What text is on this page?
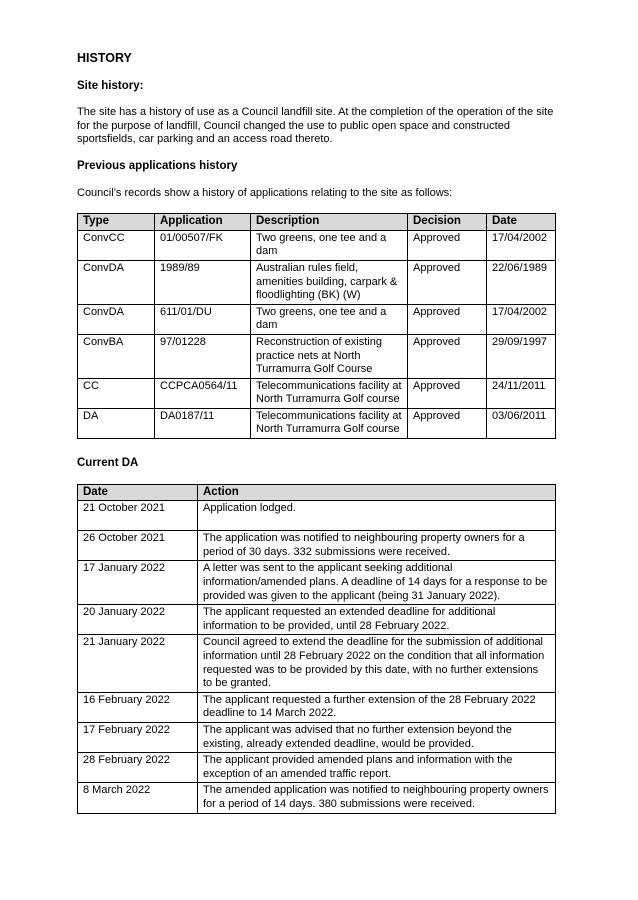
HISTORY
Site history:
The site has a history of use as a Council landfill site. At the completion of the operation of the site for the purpose of landfill, Council changed the use to public open space and constructed sportsfields, car parking and an access road thereto.
Previous applications history
Council’s records show a history of applications relating to the site as follows:
Type	Application	Description	Decision	Date
ConvCC	01/00507/FK	Two greens, one tee and a dam	Approved	17/04/2002
ConvDA	1989/89	Australian rules field, amenities building, carpark & floodlighting (BK) (W)	Approved	22/06/1989
ConvDA	611/01/DU	Two greens, one tee and a dam	Approved	17/04/2002
ConvBA	97/01228	Reconstruction of existing practice nets at North Turramurra Golf Course	Approved	29/09/1997
CC	CCPCA0564/11	Telecommunications facility at North Turramurra Golf course	Approved	24/11/2011
DA	DA0187/11	Telecommunications facility at North Turramurra Golf course	Approved	03/06/2011
Current DA
Date	Action
21 October 2021	Application lodged.
26 October 2021	The application was notified to neighbouring property owners for a period of 30 days. 332 submissions were received.
17 January 2022	A letter was sent to the applicant seeking additional information/amended plans. A deadline of 14 days for a response to be provided was given to the applicant (being 31 January 2022).
20 January 2022	The applicant requested an extended deadline for additional information to be provided, until 28 February 2022.
21 January 2022	Council agreed to extend the deadline for the submission of additional information until 28 February 2022 on the condition that all information requested was to be provided by this date, with no further extensions to be granted.
16 February 2022	The applicant requested a further extension of the 28 February 2022 deadline to 14 March 2022.
17 February 2022	The applicant was advised that no further extension beyond the existing, already extended deadline, would be provided.
28 February 2022	The applicant provided amended plans and information with the exception of an amended traffic report.
8 March 2022	The amended application was notified to neighbouring property owners for a period of 14 days. 380 submissions were received.
